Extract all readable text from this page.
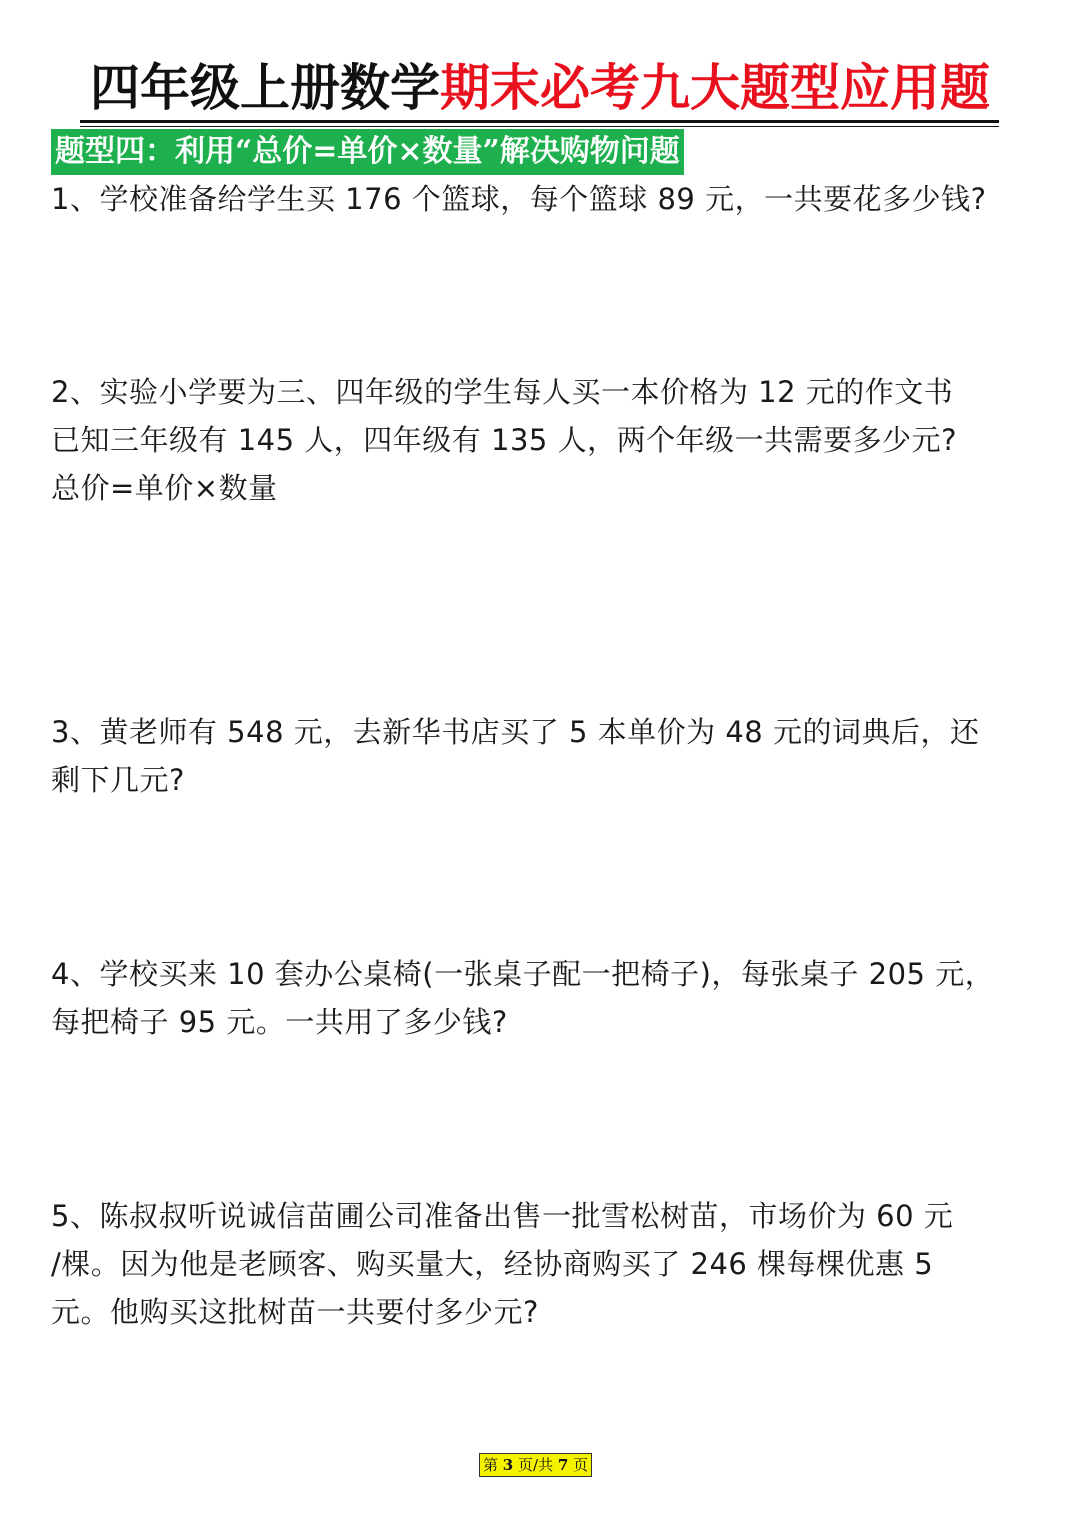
四年级上册数学期末必考九大题型应用题
题型四：利用“总价=单价×数量”解决购物问题
1、学校准备给学生买 176 个篮球，每个篮球 89 元，一共要花多少钱?
2、实验小学要为三、四年级的学生每人买一本价格为 12 元的作文书
已知三年级有 145 人，四年级有 135 人，两个年级一共需要多少元?
总价=单价×数量
3、黄老师有 548 元，去新华书店买了 5 本单价为 48 元的词典后，还
剩下几元?
4、学校买来 10 套办公桌椅(一张桌子配一把椅子)，每张桌子 205 元，
每把椅子 95 元。一共用了多少钱?
5、陈叔叔听说诚信苗圃公司准备出售一批雪松树苗，市场价为 60 元
/棵。因为他是老顾客、购买量大，经协商购买了 246 棵每棵优惠 5
元。他购买这批树苗一共要付多少元?
第 3 页/共 7 页
